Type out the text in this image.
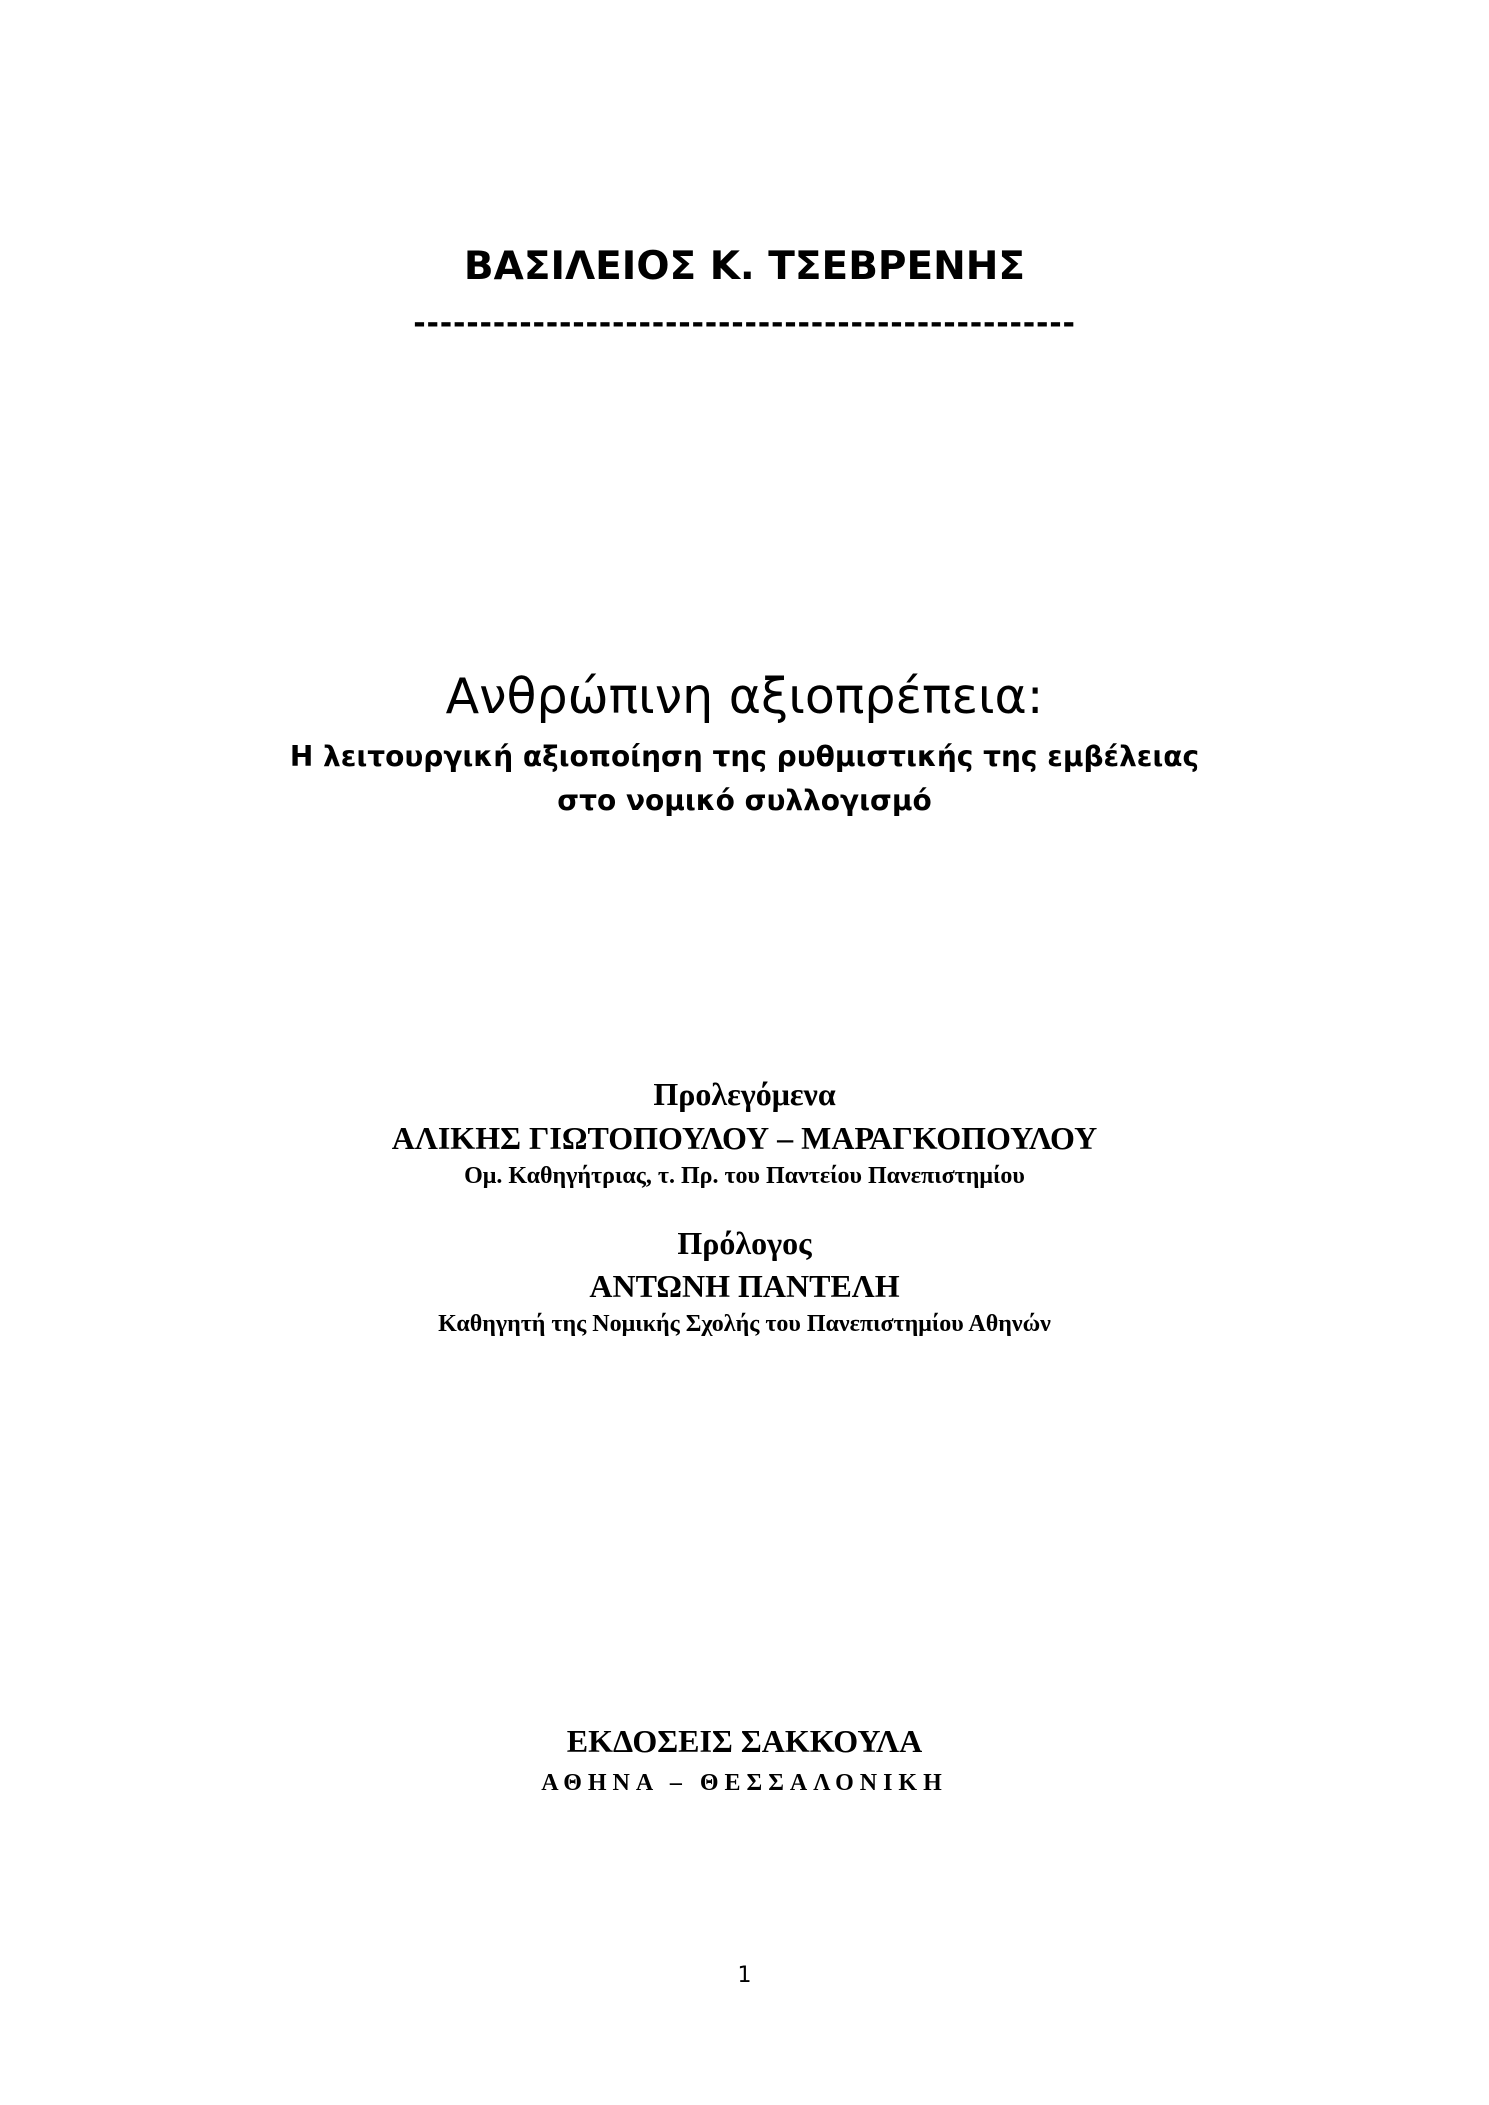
ΒΑΣΙΛΕΙΟΣ Κ. ΤΣΕΒΡΕΝΗΣ

--------------------------------------------------

Ανθρώπινη αξιοπρέπεια:

Η λειτουργική αξιοποίηση της ρυθμιστικής της εμβέλειας

στο νομικό συλλογισμό

Προλεγόμενα

ΑΛΙΚΗΣ ΓΙΩΤΟΠΟΥΛΟΥ – ΜΑΡΑΓΚΟΠΟΥΛΟΥ

Ομ. Καθηγήτριας, τ. Πρ. του Παντείου Πανεπιστημίου

Πρόλογος

ΑΝΤΩΝΗ ΠΑΝΤΕΛΗ

Καθηγητή της Νομικής Σχολής του Πανεπιστημίου Αθηνών

ΕΚΔΟΣΕΙΣ ΣΑΚΚΟΥΛΑ

ΑΘΗΝΑ – ΘΕΣΣΑΛΟΝΙΚΗ

1
